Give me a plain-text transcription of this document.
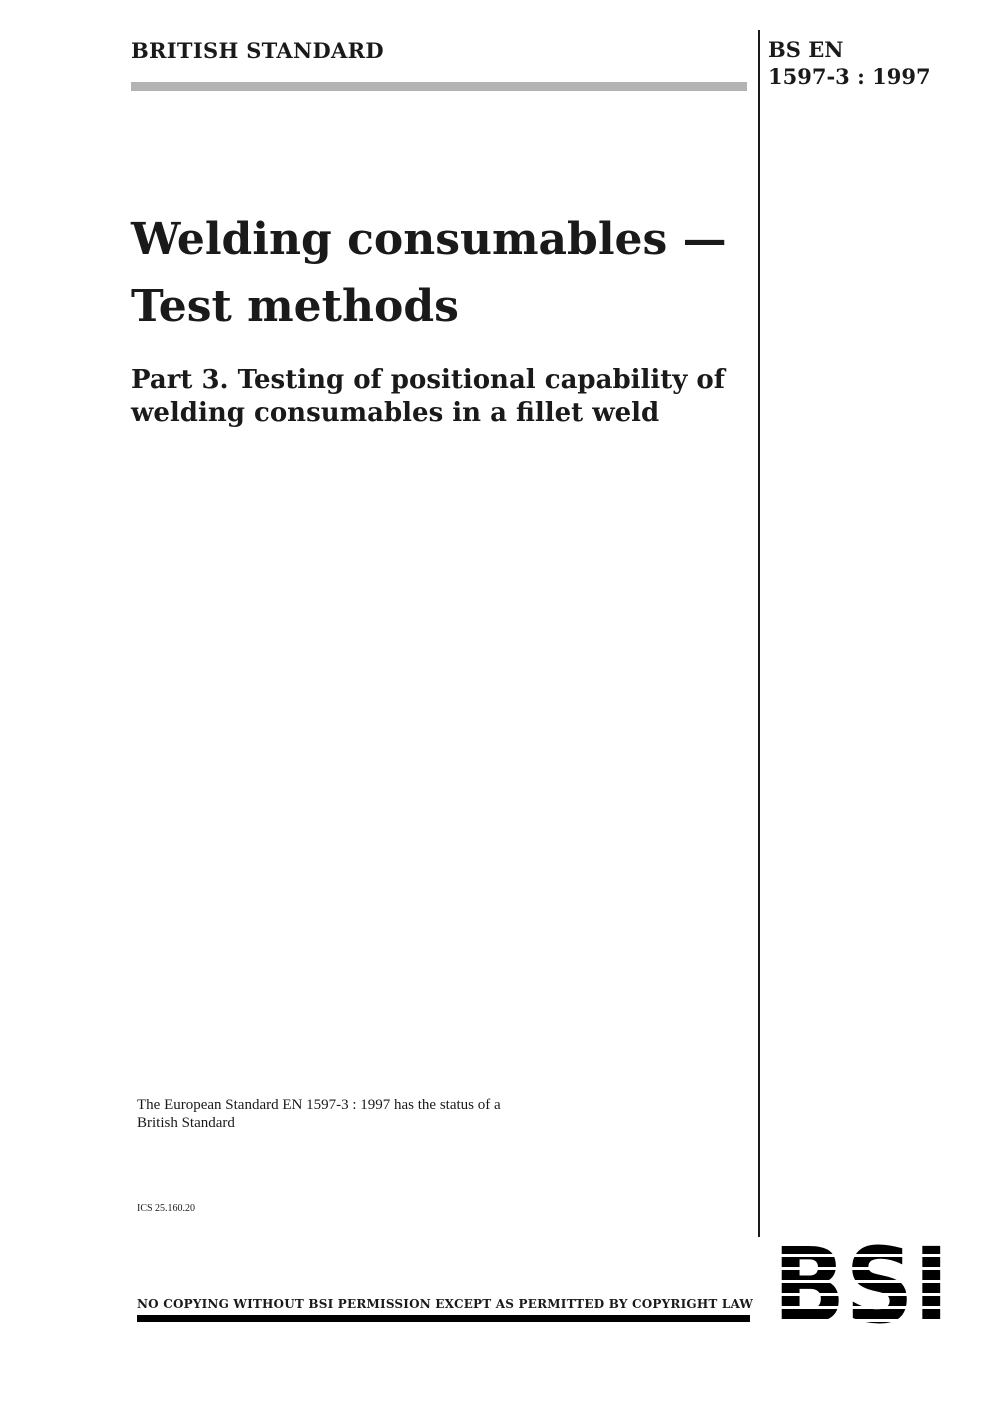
BRITISH STANDARD	BS EN
1597-3 : 1997
Welding consumables —
Test methods
Part 3. Testing of positional capability of
welding consumables in a fillet weld
The European Standard EN 1597-3 : 1997 has the status of a
British Standard
ICS 25.160.20
NO COPYING WITHOUT BSI PERMISSION EXCEPT AS PERMITTED BY COPYRIGHT LAW
